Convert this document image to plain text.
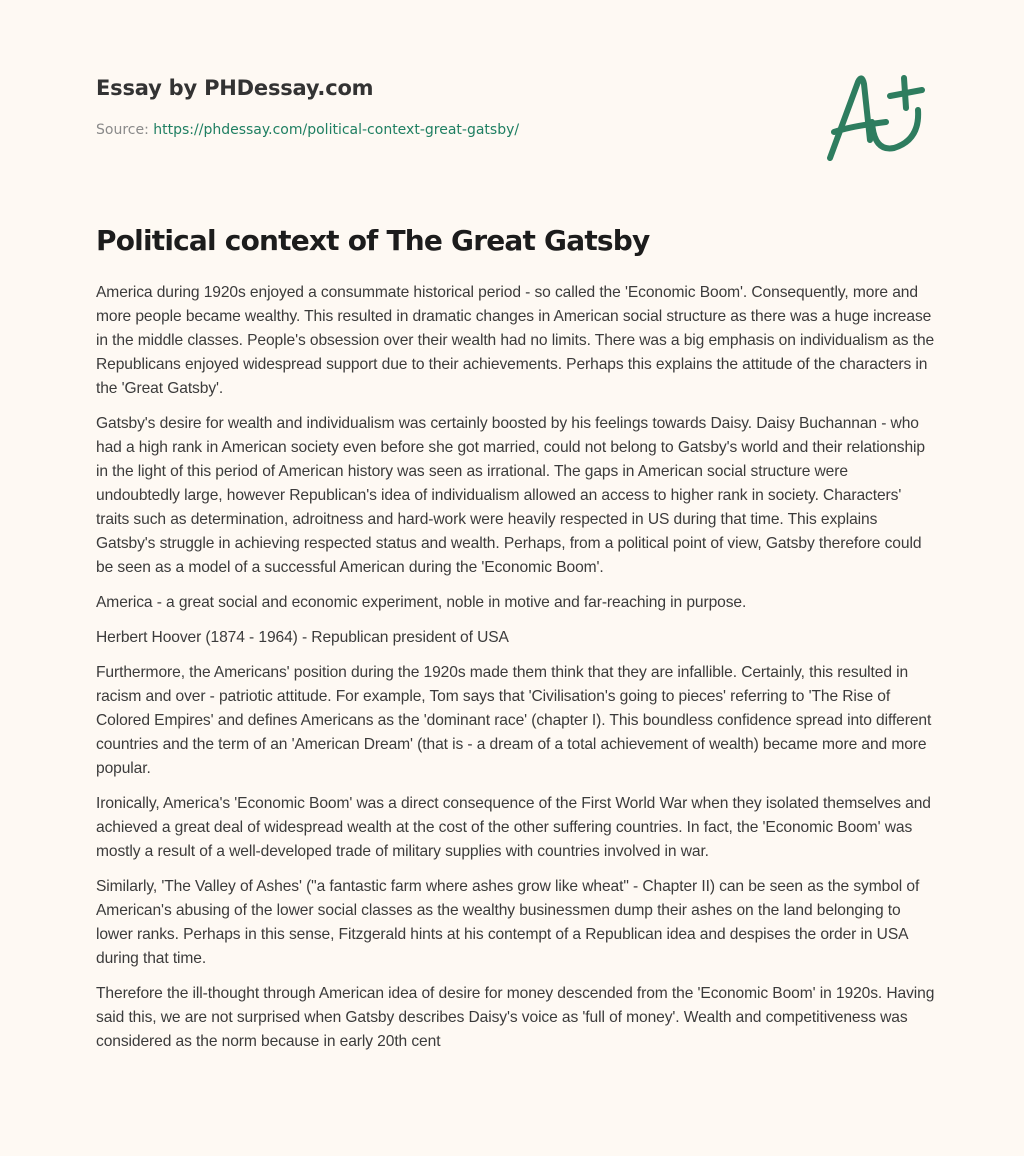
Essay by PHDessay.com
Source: https://phdessay.com/political-context-great-gatsby/
Political context of The Great Gatsby

America during 1920s enjoyed a consummate historical period - so called the 'Economic Boom'. Consequently, more and more people became wealthy. This resulted in dramatic changes in American social structure as there was a huge increase in the middle classes. People's obsession over their wealth had no limits. There was a big emphasis on individualism as the Republicans enjoyed widespread support due to their achievements. Perhaps this explains the attitude of the characters in the 'Great Gatsby'.

Gatsby's desire for wealth and individualism was certainly boosted by his feelings towards Daisy. Daisy Buchannan - who had a high rank in American society even before she got married, could not belong to Gatsby's world and their relationship in the light of this period of American history was seen as irrational. The gaps in American social structure were undoubtedly large, however Republican's idea of individualism allowed an access to higher rank in society. Characters' traits such as determination, adroitness and hard-work were heavily respected in US during that time. This explains Gatsby's struggle in achieving respected status and wealth. Perhaps, from a political point of view, Gatsby therefore could be seen as a model of a successful American during the 'Economic Boom'.

America - a great social and economic experiment, noble in motive and far-reaching in purpose.

Herbert Hoover (1874 - 1964) - Republican president of USA

Furthermore, the Americans' position during the 1920s made them think that they are infallible. Certainly, this resulted in racism and over - patriotic attitude. For example, Tom says that 'Civilisation's going to pieces' referring to 'The Rise of Colored Empires' and defines Americans as the 'dominant race' (chapter I). This boundless confidence spread into different countries and the term of an 'American Dream' (that is - a dream of a total achievement of wealth) became more and more popular.

Ironically, America's 'Economic Boom' was a direct consequence of the First World War when they isolated themselves and achieved a great deal of widespread wealth at the cost of the other suffering countries. In fact, the 'Economic Boom' was mostly a result of a well-developed trade of military supplies with countries involved in war.

Similarly, 'The Valley of Ashes' ("a fantastic farm where ashes grow like wheat" - Chapter II) can be seen as the symbol of American's abusing of the lower social classes as the wealthy businessmen dump their ashes on the land belonging to lower ranks. Perhaps in this sense, Fitzgerald hints at his contempt of a Republican idea and despises the order in USA during that time.

Therefore the ill-thought through American idea of desire for money descended from the 'Economic Boom' in 1920s. Having said this, we are not surprised when Gatsby describes Daisy's voice as 'full of money'. Wealth and competitiveness was considered as the norm because in early 20th cent
